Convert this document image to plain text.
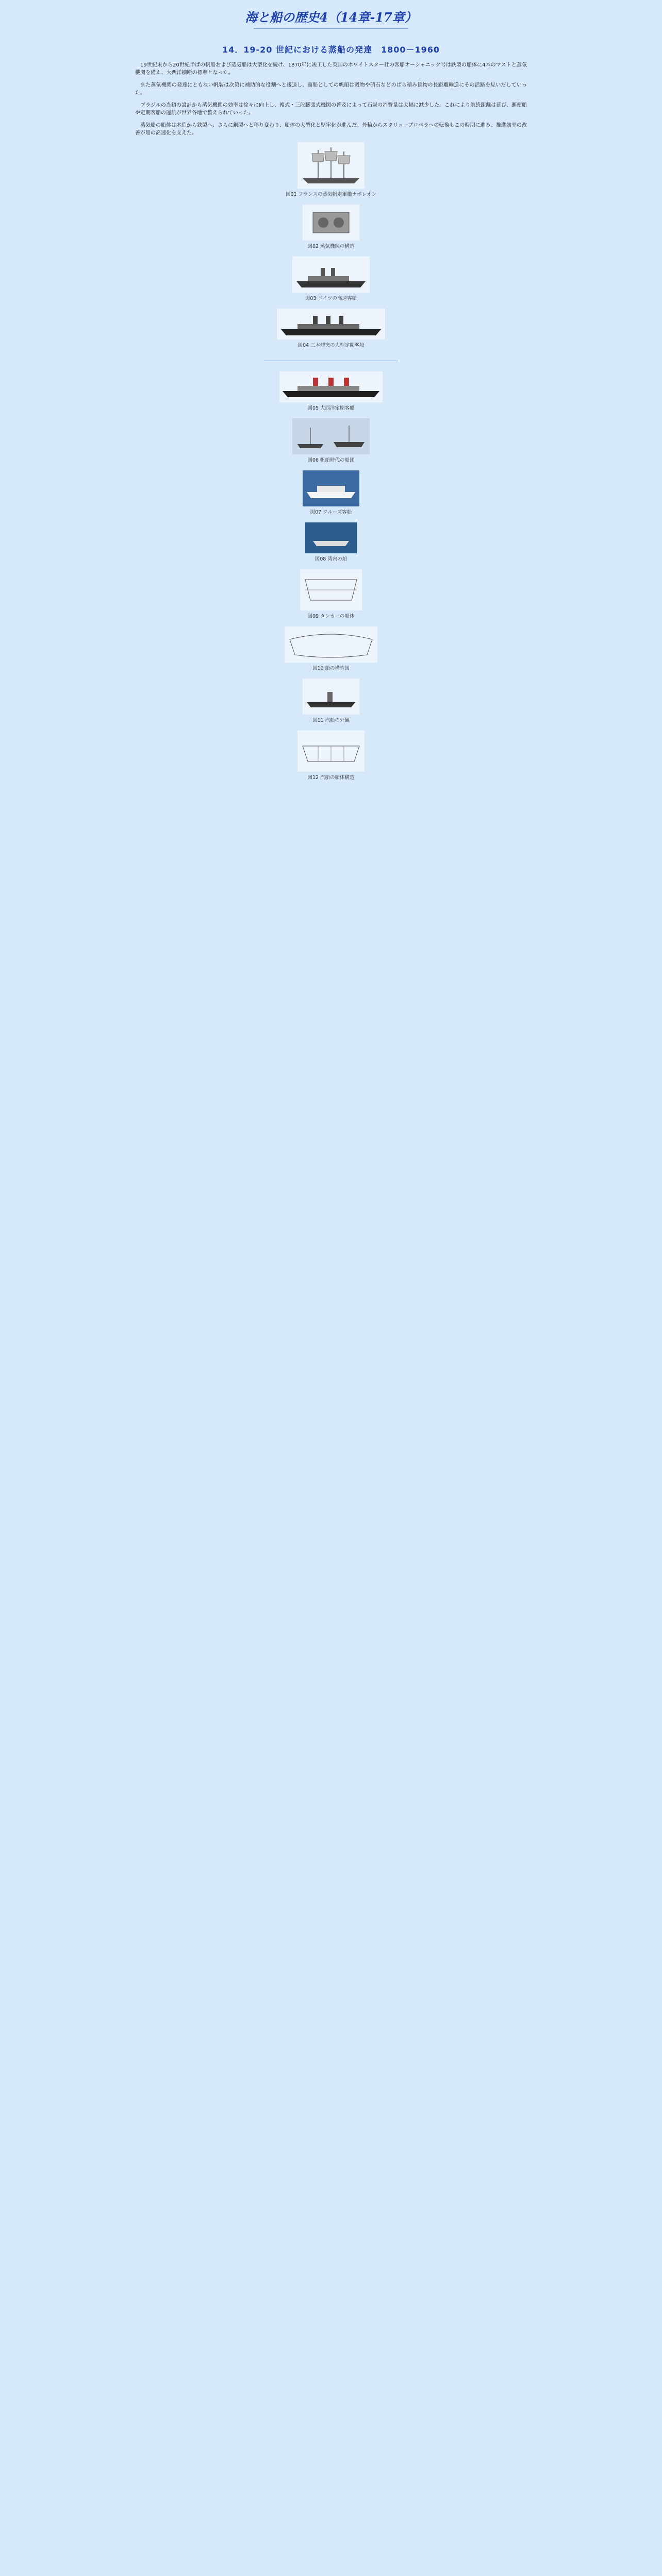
海と船の歴史4（14章-17章）
14．19-20 世紀における蒸船の発達　1800－1960

19世紀末から20世紀半ばの帆船および蒸気船は大型化を続け、1870年に竣工した英国のホワイトスター社の客船オーシャニック号は鉄製の船体に4本のマストと蒸気機関を備え、大西洋横断の標準となった。

また蒸気機関の発達にともない帆装は次第に補助的な役割へと後退し、商船としての帆船は穀物や硝石などのばら積み貨物の長距離輸送にその活路を見いだしていった。

ブラジルの当初の設計から蒸気機関の効率は徐々に向上し、複式・三段膨張式機関の普及によって石炭の消費量は大幅に減少した。これにより航続距離は延び、郵便船や定期客船の運航が世界各地で整えられていった。

蒸気船の船体は木造から鉄製へ、さらに鋼製へと移り変わり、船体の大型化と堅牢化が進んだ。外輪からスクリュープロペラへの転換もこの時期に進み、推進効率の改善が船の高速化を支えた。

図01 フランスの蒸気帆走軍艦ナポレオン
図02 蒸気機関の構造
図03 ドイツの高速客船
図04 三本煙突の大型定期客船
図05 大西洋定期客船
図06 帆船時代の船団
図07 クルーズ客船
図08 湾内の船
図09 タンカーの船体
図10 船の構造図
図11 汽船の外観
図12 汽船の船体構造
